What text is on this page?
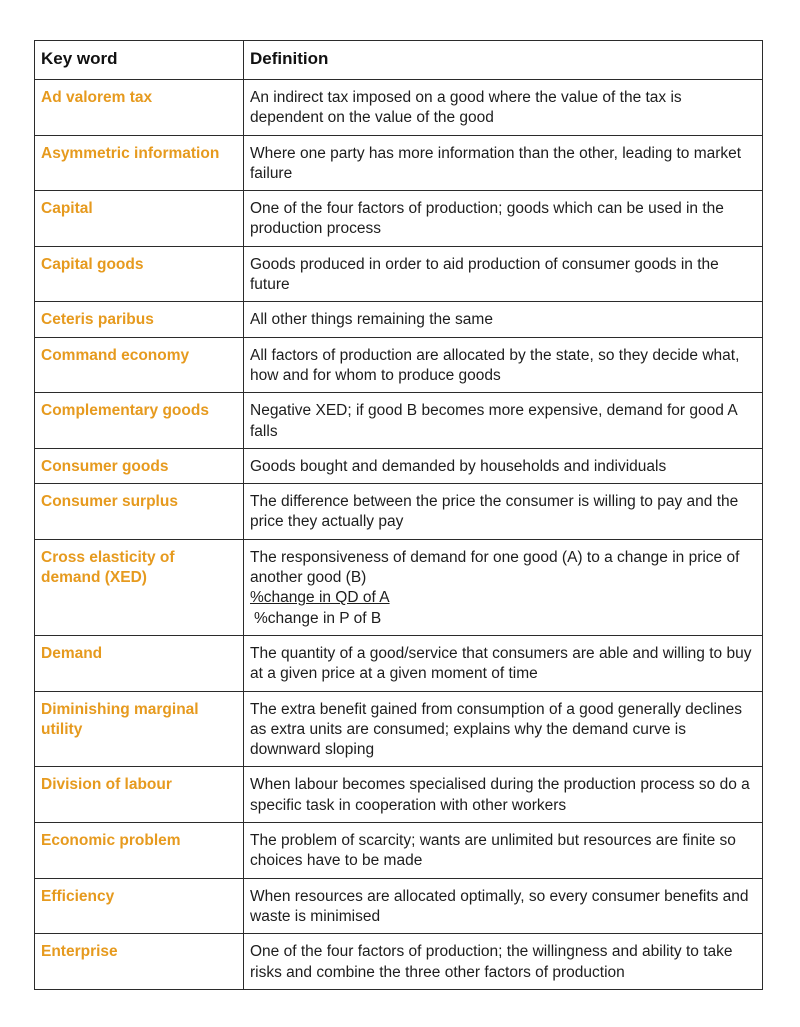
Key word	Definition
Ad valorem tax	An indirect tax imposed on a good where the value of the tax is dependent on the value of the good
Asymmetric information	Where one party has more information than the other, leading to market failure
Capital	One of the four factors of production; goods which can be used in the production process
Capital goods	Goods produced in order to aid production of consumer goods in the future
Ceteris paribus	All other things remaining the same
Command economy	All factors of production are allocated by the state, so they decide what, how and for whom to produce goods
Complementary goods	Negative XED; if good B becomes more expensive, demand for good A falls
Consumer goods	Goods bought and demanded by households and individuals
Consumer surplus	The difference between the price the consumer is willing to pay and the price they actually pay
Cross elasticity of demand (XED)	The responsiveness of demand for one good (A) to a change in price of another good (B)
%change in QD of A
%change in P of B

Demand	The quantity of a good/service that consumers are able and willing to buy at a given price at a given moment of time
Diminishing marginal utility	The extra benefit gained from consumption of a good generally declines as extra units are consumed; explains why the demand curve is downward sloping
Division of labour	When labour becomes specialised during the production process so do a specific task in cooperation with other workers
Economic problem	The problem of scarcity; wants are unlimited but resources are finite so choices have to be made
Efficiency	When resources are allocated optimally, so every consumer benefits and waste is minimised
Enterprise	One of the four factors of production; the willingness and ability to take risks and combine the three other factors of production
